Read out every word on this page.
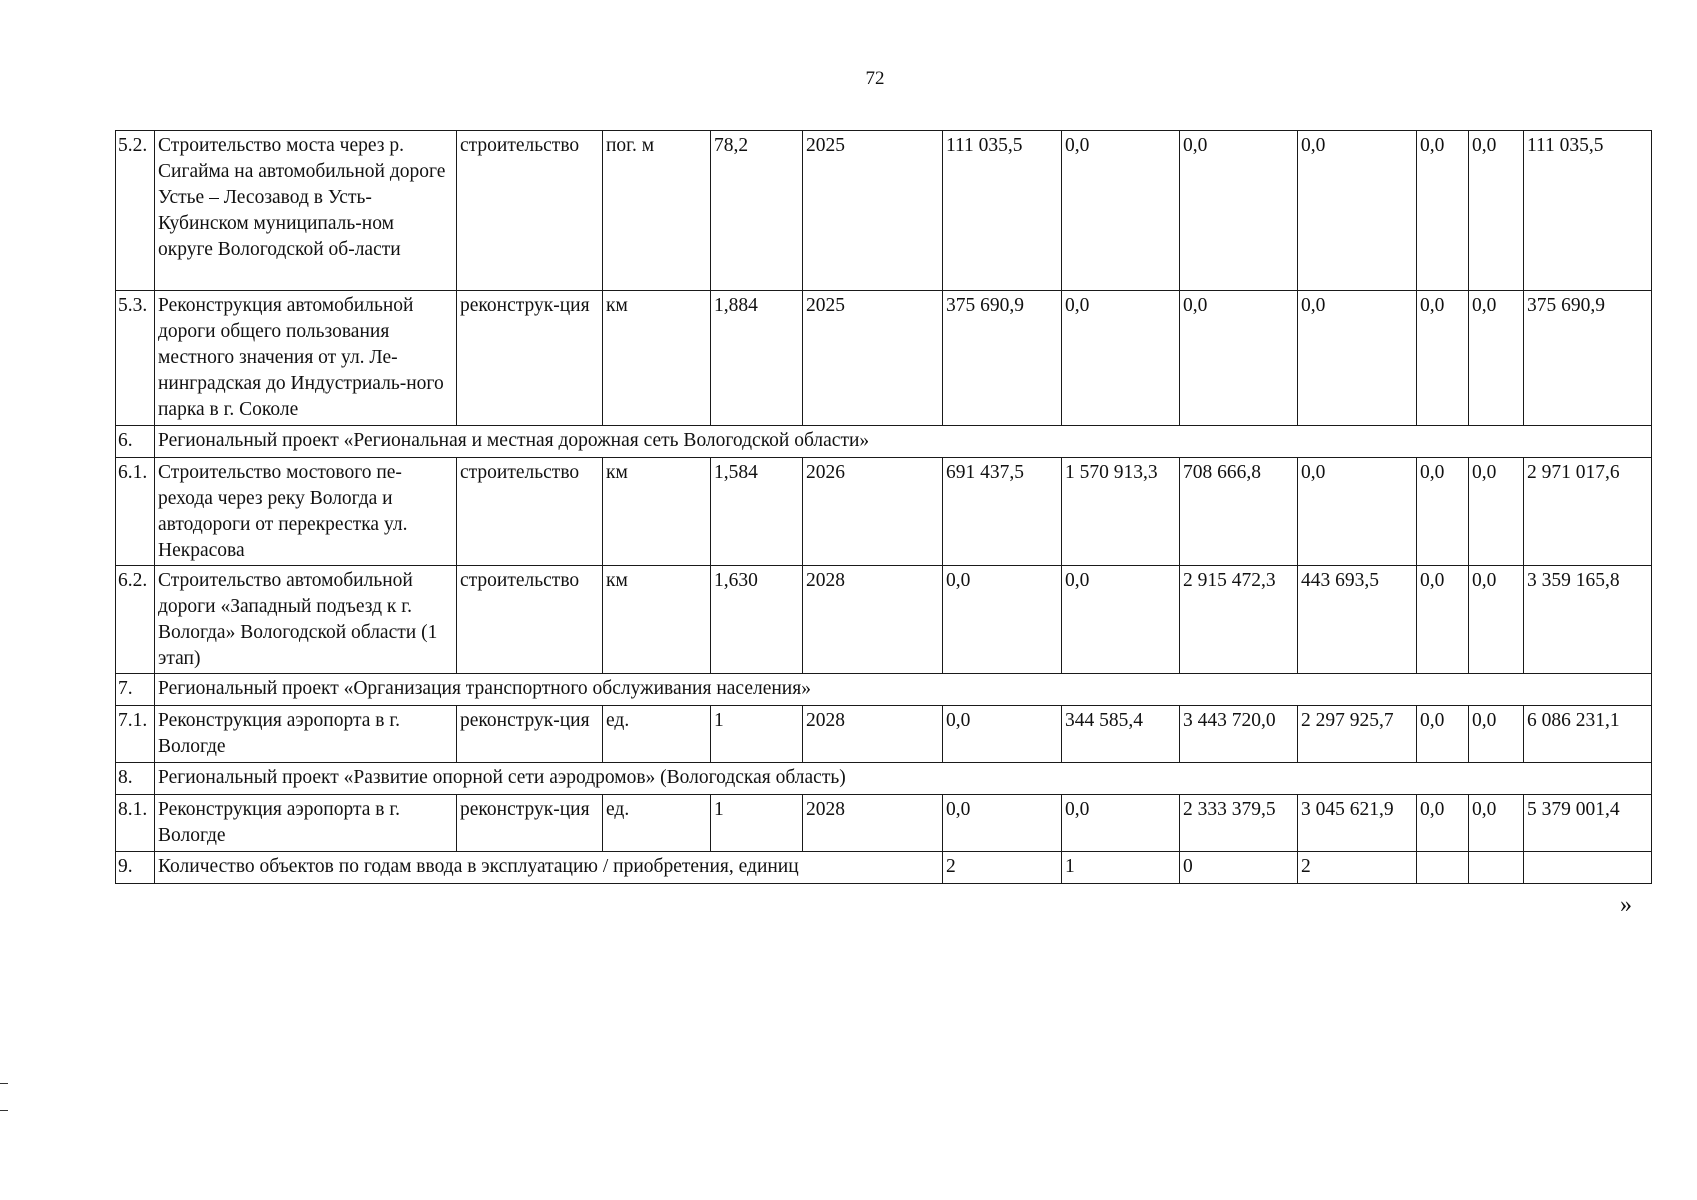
72
5.2.	Строительство моста через р. Сигайма на автомобильной дороге Устье – Лесозавод в Усть-Кубинском муниципаль-ном округе Вологодской об-ласти	строительство	пог. м	78,2	2025	111 035,5	0,0	0,0	0,0	0,0	0,0	111 035,5
5.3.	Реконструкция автомобильной дороги общего пользования местного значения от ул. Ле-нинградская до Индустриаль-ного парка в г. Соколе	реконструк-ция	км	1,884	2025	375 690,9	0,0	0,0	0,0	0,0	0,0	375 690,9
6.	Региональный проект «Региональная и местная дорожная сеть Вологодской области»											
6.1.	Строительство мостового пе-рехода через реку Вологда и автодороги от перекрестка ул. Некрасова	строительство	км	1,584	2026	691 437,5	1 570 913,3	708 666,8	0,0	0,0	0,0	2 971 017,6
6.2.	Строительство автомобильной дороги «Западный подъезд к г. Вологда» Вологодской области (1 этап)	строительство	км	1,630	2028	0,0	0,0	2 915 472,3	443 693,5	0,0	0,0	3 359 165,8
7.	Региональный проект «Организация транспортного обслуживания населения»											
7.1.	Реконструкция аэропорта в г. Вологде	реконструк-ция	ед.	1	2028	0,0	344 585,4	3 443 720,0	2 297 925,7	0,0	0,0	6 086 231,1
8.	Региональный проект «Развитие опорной сети аэродромов» (Вологодская область)											
8.1.	Реконструкция аэропорта в г. Вологде	реконструк-ция	ед.	1	2028	0,0	0,0	2 333 379,5	3 045 621,9	0,0	0,0	5 379 001,4
9.	Количество объектов по годам ввода в эксплуатацию / приобретения, единиц					2	1	0	2			
»
